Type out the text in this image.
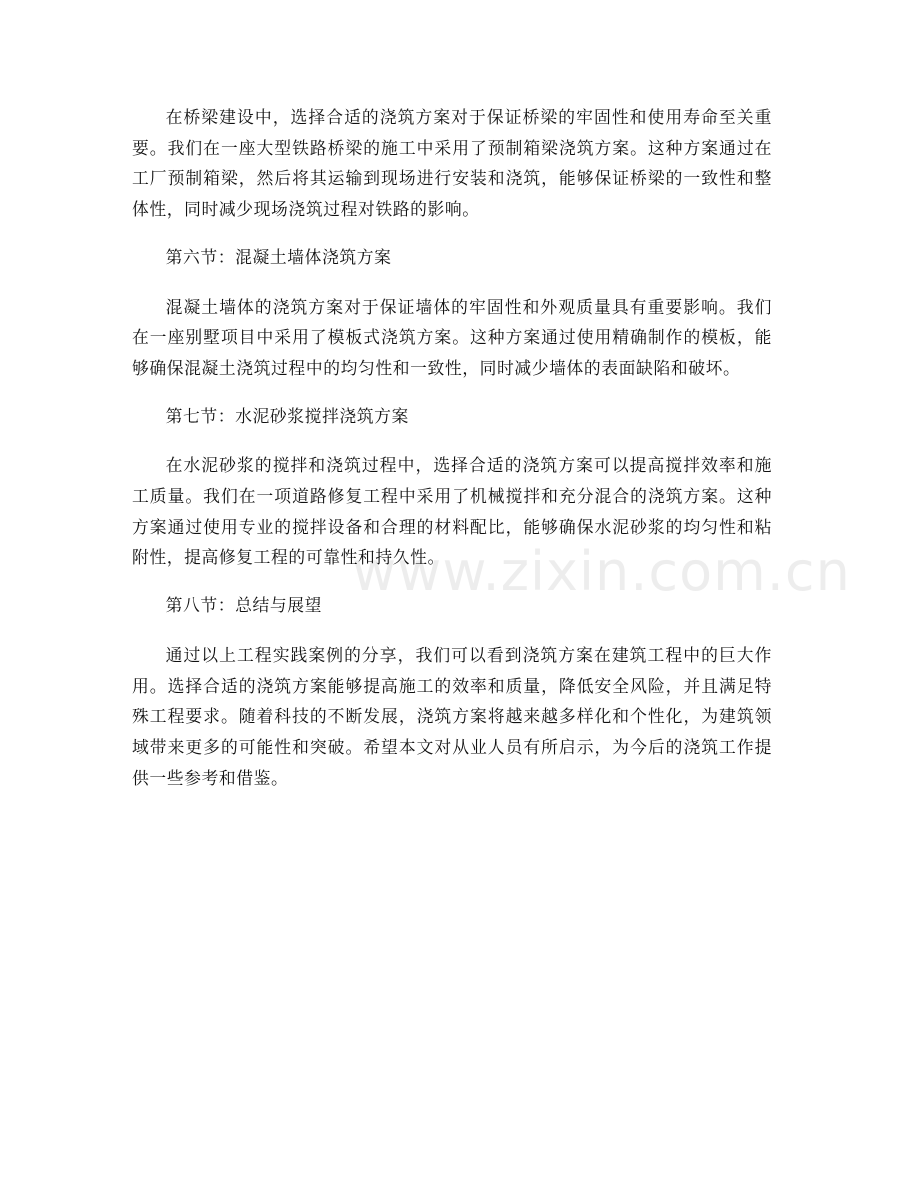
在桥梁建设中，选择合适的浇筑方案对于保证桥梁的牢固性和使用寿命至关重要。我们在一座大型铁路桥梁的施工中采用了预制箱梁浇筑方案。这种方案通过在工厂预制箱梁，然后将其运输到现场进行安装和浇筑，能够保证桥梁的一致性和整体性，同时减少现场浇筑过程对铁路的影响。

第六节：混凝土墙体浇筑方案

混凝土墙体的浇筑方案对于保证墙体的牢固性和外观质量具有重要影响。我们在一座别墅项目中采用了模板式浇筑方案。这种方案通过使用精确制作的模板，能够确保混凝土浇筑过程中的均匀性和一致性，同时减少墙体的表面缺陷和破坏。

第七节：水泥砂浆搅拌浇筑方案

在水泥砂浆的搅拌和浇筑过程中，选择合适的浇筑方案可以提高搅拌效率和施工质量。我们在一项道路修复工程中采用了机械搅拌和充分混合的浇筑方案。这种方案通过使用专业的搅拌设备和合理的材料配比，能够确保水泥砂浆的均匀性和粘附性，提高修复工程的可靠性和持久性。

第八节：总结与展望

通过以上工程实践案例的分享，我们可以看到浇筑方案在建筑工程中的巨大作用。选择合适的浇筑方案能够提高施工的效率和质量，降低安全风险，并且满足特殊工程要求。随着科技的不断发展，浇筑方案将越来越多样化和个性化，为建筑领域带来更多的可能性和突破。希望本文对从业人员有所启示，为今后的浇筑工作提供一些参考和借鉴。

www.zixin.com.cn
